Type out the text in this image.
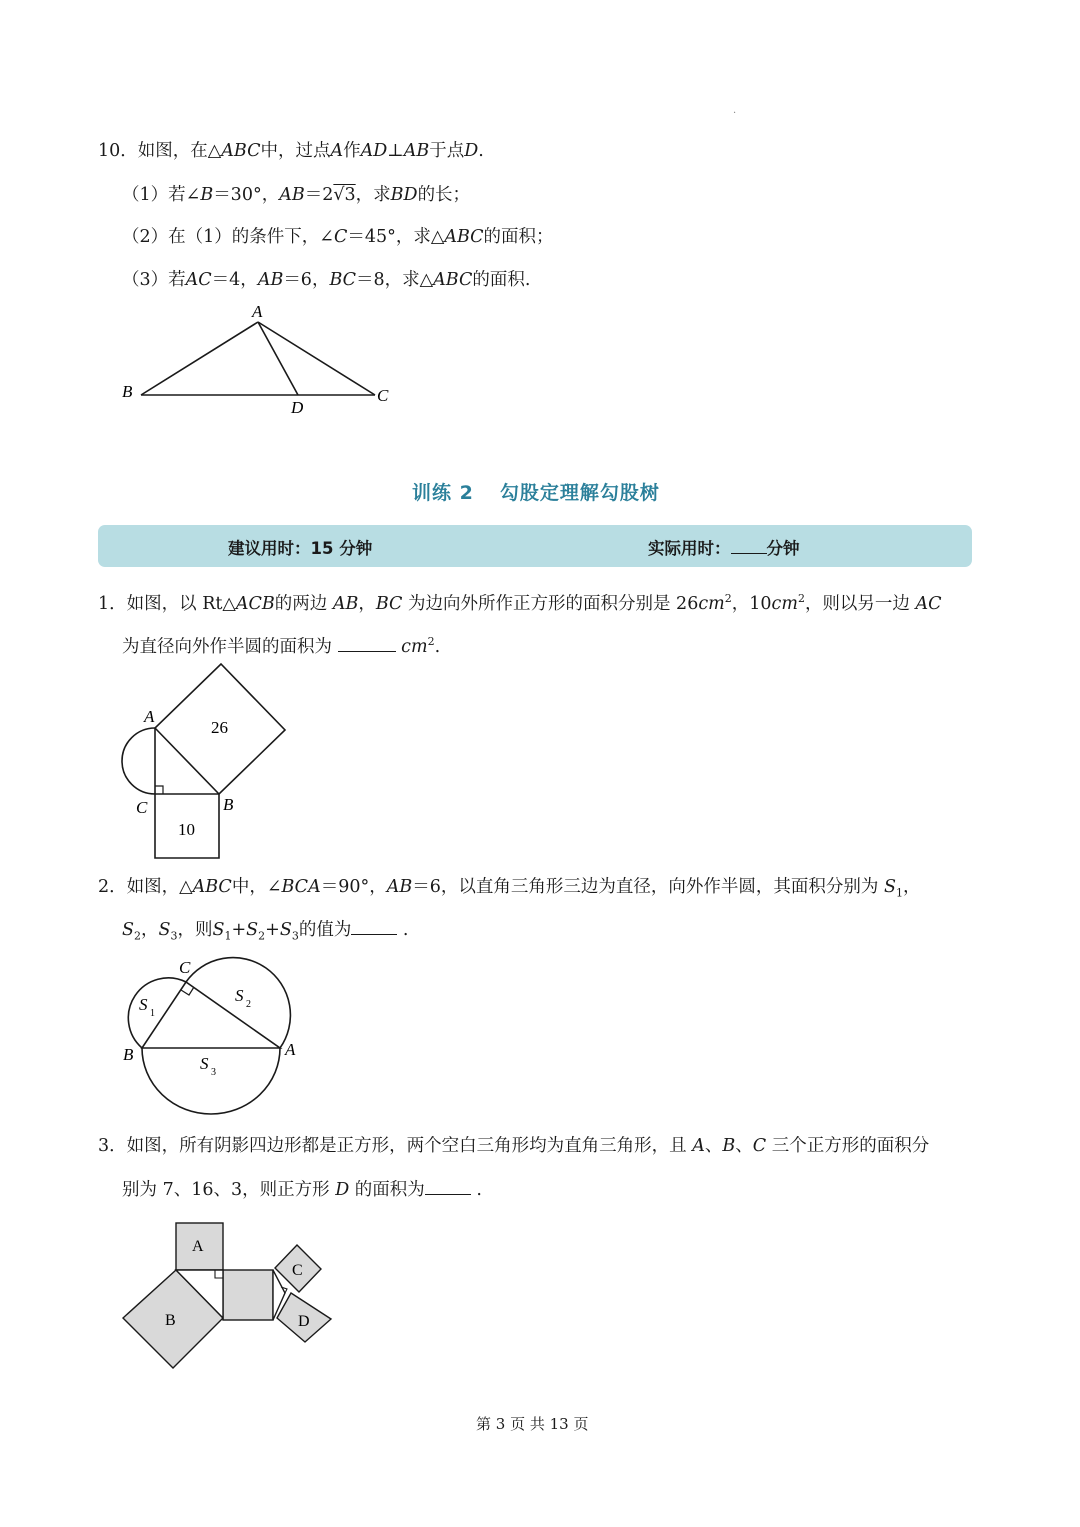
·
10．如图，在△ABC中，过点A作AD⊥AB于点D.
（1）若∠B＝30°，AB＝2√3，求BD的长；
（2）在（1）的条件下，∠C＝45°，求△ABC的面积；
（3）若AC＝4，AB＝6，BC＝8，求△ABC的面积.
A
B	C
D
训练 2 勾股定理解勾股树
建议用时：15 分钟	实际用时： 分钟
1．如图，以 Rt△ACB的两边 AB，BC 为边向外所作正方形的面积分别是 $26cm^2$，$10cm^2$，则以另一边 AC
为直径向外作半圆的面积为	$cm^2$.
A
B
C
26
10
2．如图，△ABC中，∠BCA＝90°，AB＝6，以直角三角形三边为直径，向外作半圆，其面积分别为 $S_1$，
$S_2$，$S_3$，则$S_1+S_2+S_3$的值为	.
C
B	A
S 1
S 2
S 3
3．如图，所有阴影四边形都是正方形，两个空白三角形均为直角三角形，且 A、B、C 三个正方形的面积分
别为 7、16、3，则正方形 D 的面积为	.
A
B
C
D
第 3 页 共 13 页
